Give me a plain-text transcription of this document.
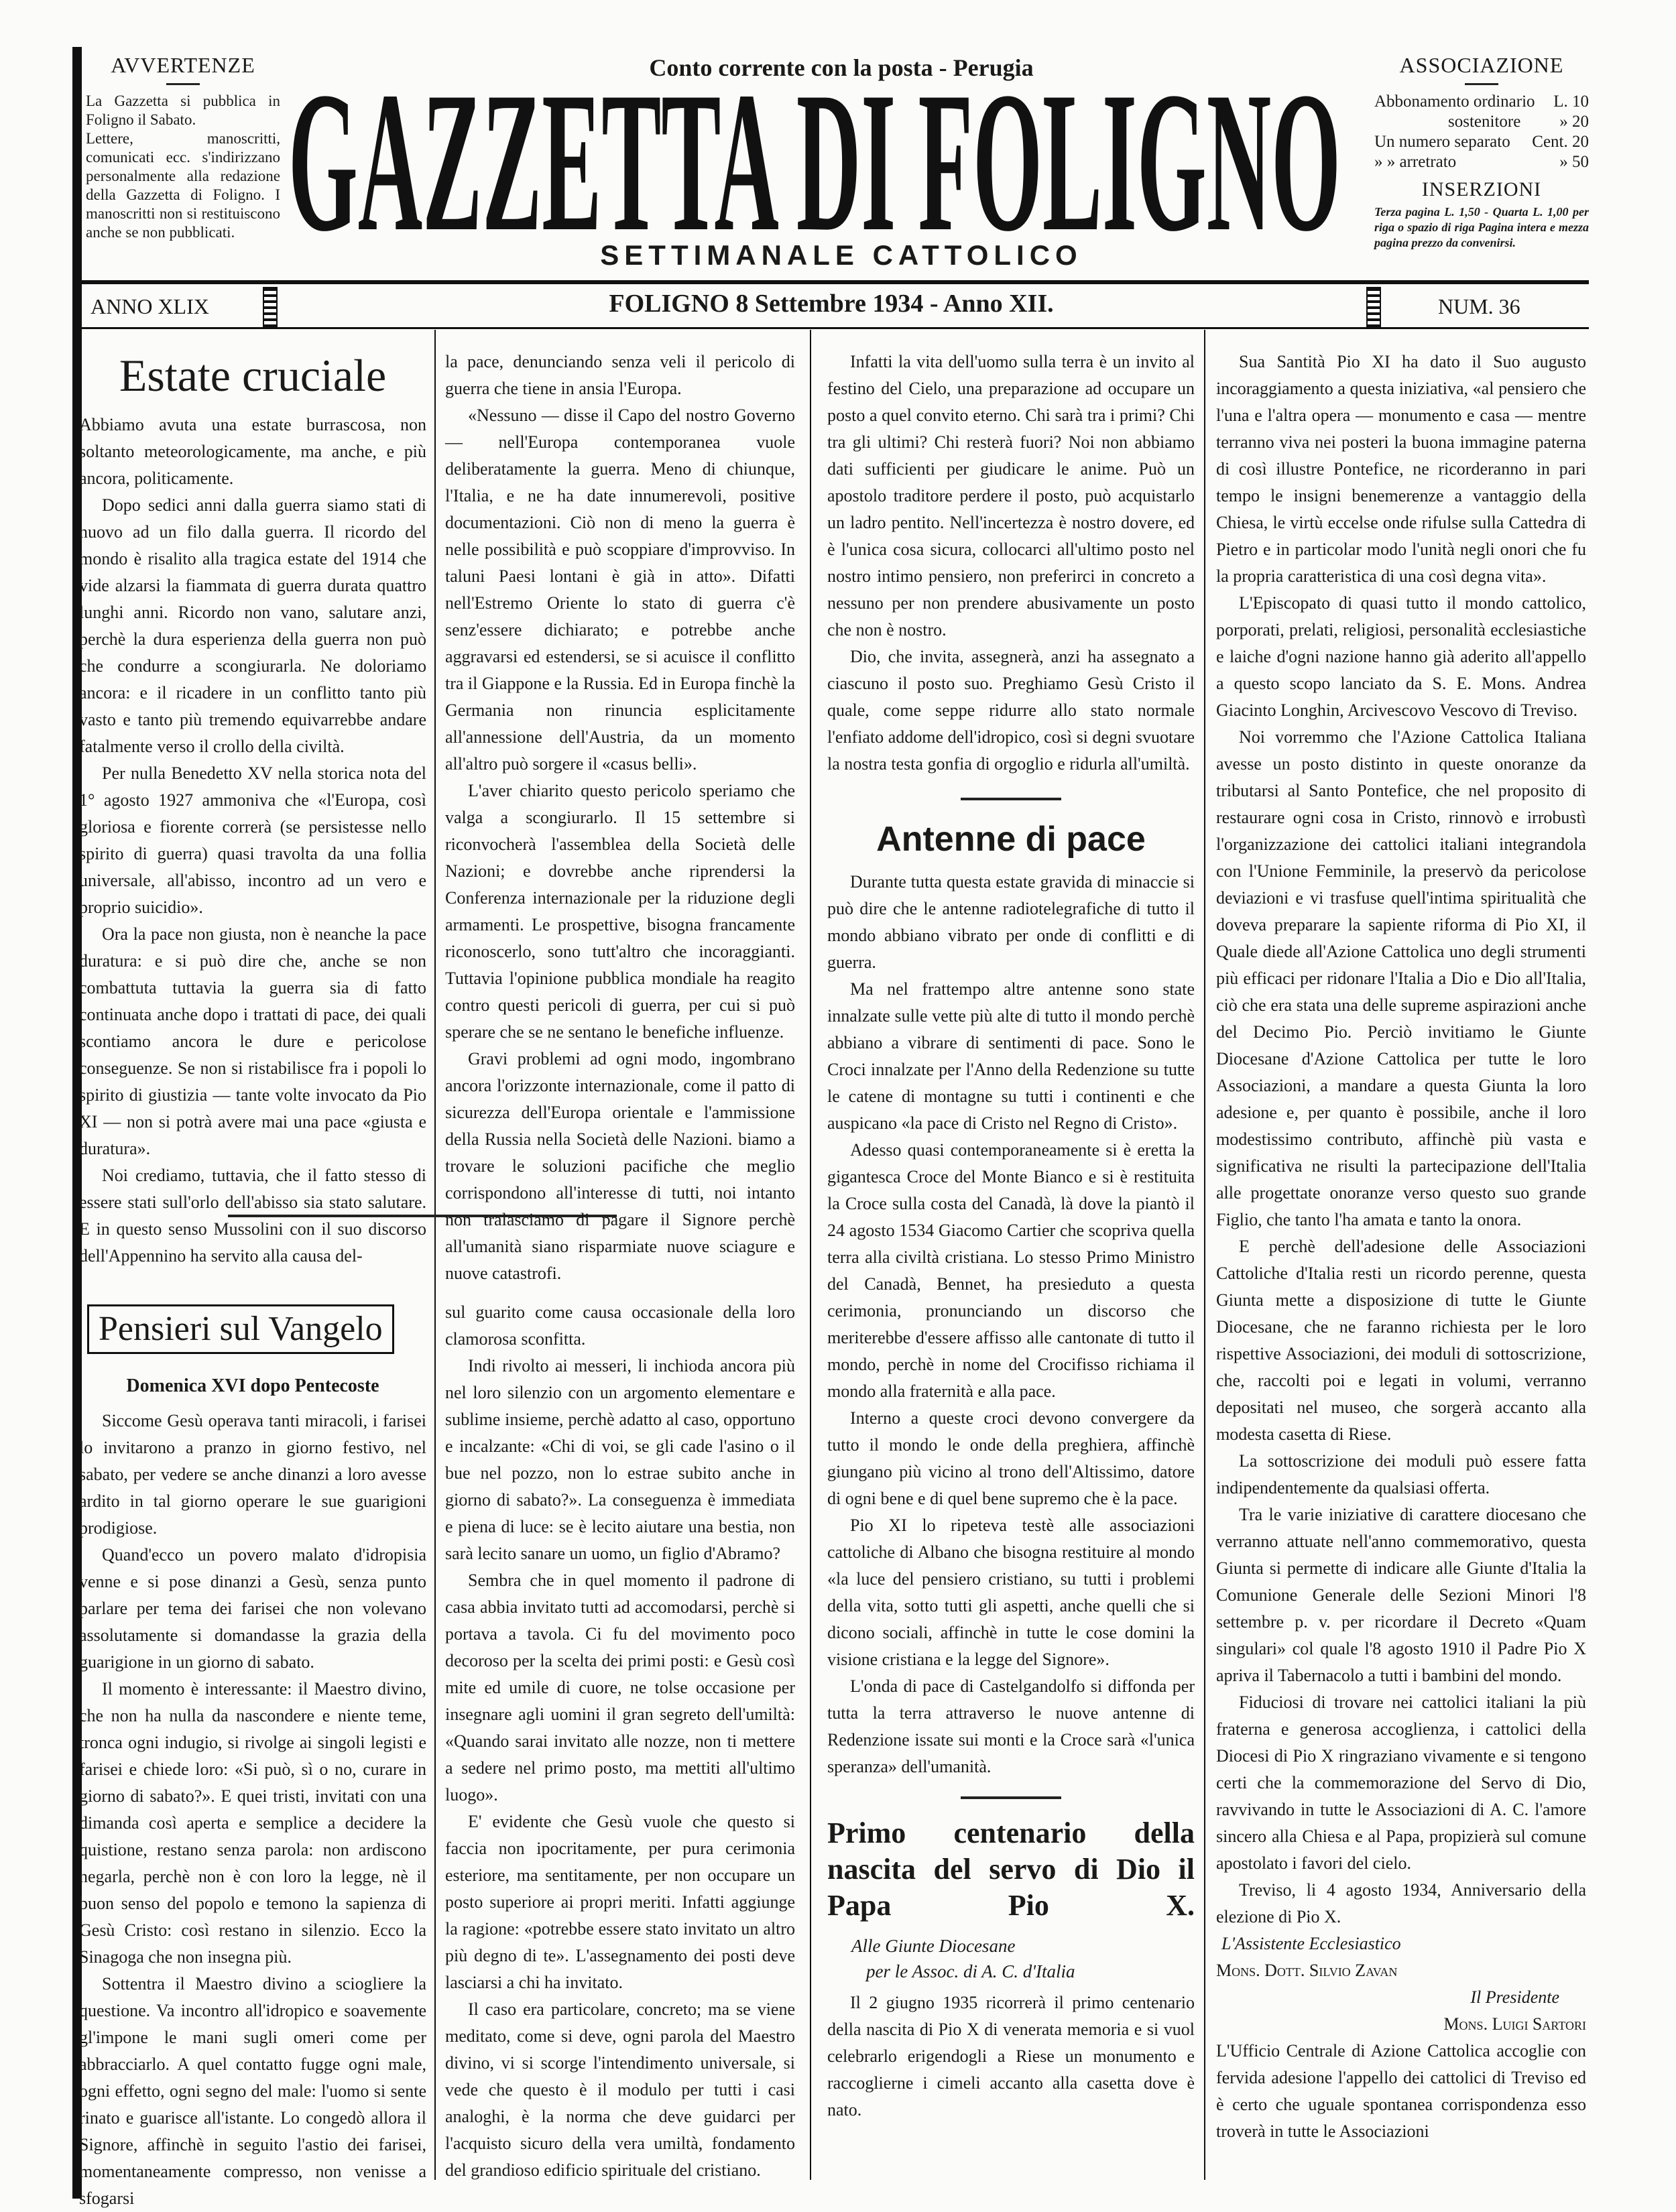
AVVERTENZE

La Gazzetta si pubblica in Foligno il Sabato.

Lettere, manoscritti, comunicati ecc. s'indirizzano personalmente alla redazione della Gazzetta di Foligno. I manoscritti non si restituiscono anche se non pubblicati.

Conto corrente con la posta - Perugia
GAZZETTA DI FOLIGNO
SETTIMANALE CATTOLICO
ASSOCIAZIONE
Abbonamento ordinario L. 10
sostenitore » 20
Un numero separato Cent. 20
» » arretrato	» 50
INSERZIONI
Terza pagina L. 1,50 - Quarta L. 1,00 per riga o spazio di riga Pagina intera e mezza pagina prezzo da convenirsi.
ANNO XLIX	FOLIGNO 8 Settembre 1934 - Anno XII.	NUM. 36
Estate cruciale

Abbiamo avuta una estate burrascosa, non soltanto meteorologicamente, ma anche, e più ancora, politicamente.

Dopo sedici anni dalla guerra siamo stati di nuovo ad un filo dalla guerra. Il ricordo del mondo è risalito alla tragica estate del 1914 che vide alzarsi la fiammata di guerra durata quattro lunghi anni. Ricordo non vano, salutare anzi, perchè la dura esperienza della guerra non può che condurre a scongiurarla. Ne doloriamo ancora: e il ricadere in un conflitto tanto più vasto e tanto più tremendo equivarrebbe andare fatalmente verso il crollo della civiltà.

Per nulla Benedetto XV nella storica nota del 1° agosto 1927 ammoniva che «l'Europa, così gloriosa e fiorente correrà (se persistesse nello spirito di guerra) quasi travolta da una follia universale, all'abisso, incontro ad un vero e proprio suicidio».

Ora la pace non giusta, non è neanche la pace duratura: e si può dire che, anche se non combattuta tuttavia la guerra sia di fatto continuata anche dopo i trattati di pace, dei quali scontiamo ancora le dure e pericolose conseguenze. Se non si ristabilisce fra i popoli lo spirito di giustizia — tante volte invocato da Pio XI — non si potrà avere mai una pace «giusta e duratura».

Noi crediamo, tuttavia, che il fatto stesso di essere stati sull'orlo dell'abisso sia stato salutare. E in questo senso Mussolini con il suo discorso dell'Appennino ha servito alla causa del-

Pensieri sul Vangelo
Domenica XVI dopo Pentecoste

Siccome Gesù operava tanti miracoli, i farisei lo invitarono a pranzo in giorno festivo, nel sabato, per vedere se anche dinanzi a loro avesse ardito in tal giorno operare le sue guarigioni prodigiose.

Quand'ecco un povero malato d'idropisia venne e si pose dinanzi a Gesù, senza punto parlare per tema dei farisei che non volevano assolutamente si domandasse la grazia della guarigione in un giorno di sabato.

Il momento è interessante: il Maestro divino, che non ha nulla da nascondere e niente teme, tronca ogni indugio, si rivolge ai singoli legisti e farisei e chiede loro: «Si può, sì o no, curare in giorno di sabato?». E quei tristi, invitati con una dimanda così aperta e semplice a decidere la quistione, restano senza parola: non ardiscono negarla, perchè non è con loro la legge, nè il buon senso del popolo e temono la sapienza di Gesù Cristo: così restano in silenzio. Ecco la Sinagoga che non insegna più.

Sottentra il Maestro divino a sciogliere la questione. Va incontro all'idropico e soavemente gl'impone le mani sugli omeri come per abbracciarlo. A quel contatto fugge ogni male, ogni effetto, ogni segno del male: l'uomo si sente rinato e guarisce all'istante. Lo congedò allora il Signore, affinchè in seguito l'astio dei farisei, momentaneamente compresso, non venisse a sfogarsi

la pace, denunciando senza veli il pericolo di guerra che tiene in ansia l'Europa.

«Nessuno — disse il Capo del nostro Governo — nell'Europa contemporanea vuole deliberatamente la guerra. Meno di chiunque, l'Italia, e ne ha date innumerevoli, positive documentazioni. Ciò non di meno la guerra è nelle possibilità e può scoppiare d'improvviso. In taluni Paesi lontani è già in atto». Difatti nell'Estremo Oriente lo stato di guerra c'è senz'essere dichiarato; e potrebbe anche aggravarsi ed estendersi, se si acuisce il conflitto tra il Giappone e la Russia. Ed in Europa finchè la Germania non rinuncia esplicitamente all'annessione dell'Austria, da un momento all'altro può sorgere il «casus belli».

L'aver chiarito questo pericolo speriamo che valga a scongiurarlo. Il 15 settembre si riconvocherà l'assemblea della Società delle Nazioni; e dovrebbe anche riprendersi la Conferenza internazionale per la riduzione degli armamenti. Le prospettive, bisogna francamente riconoscerlo, sono tutt'altro che incoraggianti. Tuttavia l'opinione pubblica mondiale ha reagito contro questi pericoli di guerra, per cui si può sperare che se ne sentano le benefiche influenze.

Gravi problemi ad ogni modo, ingombrano ancora l'orizzonte internazionale, come il patto di sicurezza dell'Europa orientale e l'ammissione della Russia nella Società delle Nazioni. biamo a trovare le soluzioni pacifiche che meglio corrispondono all'interesse di tutti, noi intanto non tralasciamo di pagare il Signore perchè all'umanità siano risparmiate nuove sciagure e nuove catastrofi.

sul guarito come causa occasionale della loro clamorosa sconfitta.

Indi rivolto ai messeri, li inchioda ancora più nel loro silenzio con un argomento elementare e sublime insieme, perchè adatto al caso, opportuno e incalzante: «Chi di voi, se gli cade l'asino o il bue nel pozzo, non lo estrae subito anche in giorno di sabato?». La conseguenza è immediata e piena di luce: se è lecito aiutare una bestia, non sarà lecito sanare un uomo, un figlio d'Abramo?

Sembra che in quel momento il padrone di casa abbia invitato tutti ad accomodarsi, perchè si portava a tavola. Ci fu del movimento poco decoroso per la scelta dei primi posti: e Gesù così mite ed umile di cuore, ne tolse occasione per insegnare agli uomini il gran segreto dell'umiltà: «Quando sarai invitato alle nozze, non ti mettere a sedere nel primo posto, ma mettiti all'ultimo luogo».

E' evidente che Gesù vuole che questo si faccia non ipocritamente, per pura cerimonia esteriore, ma sentitamente, per non occupare un posto superiore ai propri meriti. Infatti aggiunge la ragione: «potrebbe essere stato invitato un altro più degno di te». L'assegnamento dei posti deve lasciarsi a chi ha invitato.

Il caso era particolare, concreto; ma se viene meditato, come si deve, ogni parola del Maestro divino, vi si scorge l'intendimento universale, si vede che questo è il modulo per tutti i casi analoghi, è la norma che deve guidarci per l'acquisto sicuro della vera umiltà, fondamento del grandioso edificio spirituale del cristiano.

Infatti la vita dell'uomo sulla terra è un invito al festino del Cielo, una preparazione ad occupare un posto a quel convito eterno. Chi sarà tra i primi? Chi tra gli ultimi? Chi resterà fuori? Noi non abbiamo dati sufficienti per giudicare le anime. Può un apostolo traditore perdere il posto, può acquistarlo un ladro pentito. Nell'incertezza è nostro dovere, ed è l'unica cosa sicura, collocarci all'ultimo posto nel nostro intimo pensiero, non preferirci in concreto a nessuno per non prendere abusivamente un posto che non è nostro.

Dio, che invita, assegnerà, anzi ha assegnato a ciascuno il posto suo. Preghiamo Gesù Cristo il quale, come seppe ridurre allo stato normale l'enfiato addome dell'idropico, così si degni svuotare la nostra testa gonfia di orgoglio e ridurla all'umiltà.

Antenne di pace

Durante tutta questa estate gravida di minaccie si può dire che le antenne radiotelegrafiche di tutto il mondo abbiano vibrato per onde di conflitti e di guerra.

Ma nel frattempo altre antenne sono state innalzate sulle vette più alte di tutto il mondo perchè abbiano a vibrare di sentimenti di pace. Sono le Croci innalzate per l'Anno della Redenzione su tutte le catene di montagne su tutti i continenti e che auspicano «la pace di Cristo nel Regno di Cristo».

Adesso quasi contemporaneamente si è eretta la gigantesca Croce del Monte Bianco e si è restituita la Croce sulla costa del Canadà, là dove la piantò il 24 agosto 1534 Giacomo Cartier che scopriva quella terra alla civiltà cristiana. Lo stesso Primo Ministro del Canadà, Bennet, ha presieduto a questa cerimonia, pronunciando un discorso che meriterebbe d'essere affisso alle cantonate di tutto il mondo, perchè in nome del Crocifisso richiama il mondo alla fraternità e alla pace.

Interno a queste croci devono convergere da tutto il mondo le onde della preghiera, affinchè giungano più vicino al trono dell'Altissimo, datore di ogni bene e di quel bene supremo che è la pace.

Pio XI lo ripeteva testè alle associazioni cattoliche di Albano che bisogna restituire al mondo «la luce del pensiero cristiano, su tutti i problemi della vita, sotto tutti gli aspetti, anche quelli che si dicono sociali, affinchè in tutte le cose domini la visione cristiana e la legge del Signore».

L'onda di pace di Castelgandolfo si diffonda per tutta la terra attraverso le nuove antenne di Redenzione issate sui monti e la Croce sarà «l'unica speranza» dell'umanità.

Primo centenario della nascita del servo di Dio il Papa Pio X.
Alle Giunte Diocesane
per le Assoc. di A. C. d'Italia

Il 2 giugno 1935 ricorrerà il primo centenario della nascita di Pio X di venerata memoria e si vuol celebrarlo erigendogli a Riese un monumento e raccoglierne i cimeli accanto alla casetta dove è nato.

Sua Santità Pio XI ha dato il Suo augusto incoraggiamento a questa iniziativa, «al pensiero che l'una e l'altra opera — monumento e casa — mentre terranno viva nei posteri la buona immagine paterna di così illustre Pontefice, ne ricorderanno in pari tempo le insigni benemerenze a vantaggio della Chiesa, le virtù eccelse onde rifulse sulla Cattedra di Pietro e in particolar modo l'unità negli onori che fu la propria caratteristica di una così degna vita».

L'Episcopato di quasi tutto il mondo cattolico, porporati, prelati, religiosi, personalità ecclesiastiche e laiche d'ogni nazione hanno già aderito all'appello a questo scopo lanciato da S. E. Mons. Andrea Giacinto Longhin, Arcivescovo Vescovo di Treviso.

Noi vorremmo che l'Azione Cattolica Italiana avesse un posto distinto in queste onoranze da tributarsi al Santo Pontefice, che nel proposito di restaurare ogni cosa in Cristo, rinnovò e irrobustì l'organizzazione dei cattolici italiani integrandola con l'Unione Femminile, la preservò da pericolose deviazioni e vi trasfuse quell'intima spiritualità che doveva preparare la sapiente riforma di Pio XI, il Quale diede all'Azione Cattolica uno degli strumenti più efficaci per ridonare l'Italia a Dio e Dio all'Italia, ciò che era stata una delle supreme aspirazioni anche del Decimo Pio. Perciò invitiamo le Giunte Diocesane d'Azione Cattolica per tutte le loro Associazioni, a mandare a questa Giunta la loro adesione e, per quanto è possibile, anche il loro modestissimo contributo, affinchè più vasta e significativa ne risulti la partecipazione dell'Italia alle progettate onoranze verso questo suo grande Figlio, che tanto l'ha amata e tanto la onora.

E perchè dell'adesione delle Associazioni Cattoliche d'Italia resti un ricordo perenne, questa Giunta mette a disposizione di tutte le Giunte Diocesane, che ne faranno richiesta per le loro rispettive Associazioni, dei moduli di sottoscrizione, che, raccolti poi e legati in volumi, verranno depositati nel museo, che sorgerà accanto alla modesta casetta di Riese.

La sottoscrizione dei moduli può essere fatta indipendentemente da qualsiasi offerta.

Tra le varie iniziative di carattere diocesano che verranno attuate nell'anno commemorativo, questa Giunta si permette di indicare alle Giunte d'Italia la Comunione Generale delle Sezioni Minori l'8 settembre p. v. per ricordare il Decreto «Quam singulari» col quale l'8 agosto 1910 il Padre Pio X apriva il Tabernacolo a tutti i bambini del mondo.

Fiduciosi di trovare nei cattolici italiani la più fraterna e generosa accoglienza, i cattolici della Diocesi di Pio X ringraziano vivamente e si tengono certi che la commemorazione del Servo di Dio, ravvivando in tutte le Associazioni di A. C. l'amore sincero alla Chiesa e al Papa, propizierà sul comune apostolato i favori del cielo.

Treviso, li 4 agosto 1934, Anniversario della elezione di Pio X.

L'Assistente Ecclesiastico
Mons. Dott. Silvio Zavan
Il Presidente
Mons. Luigi Sartori

L'Ufficio Centrale di Azione Cattolica accoglie con fervida adesione l'appello dei cattolici di Treviso ed è certo che uguale spontanea corrispondenza esso troverà in tutte le Associazioni
